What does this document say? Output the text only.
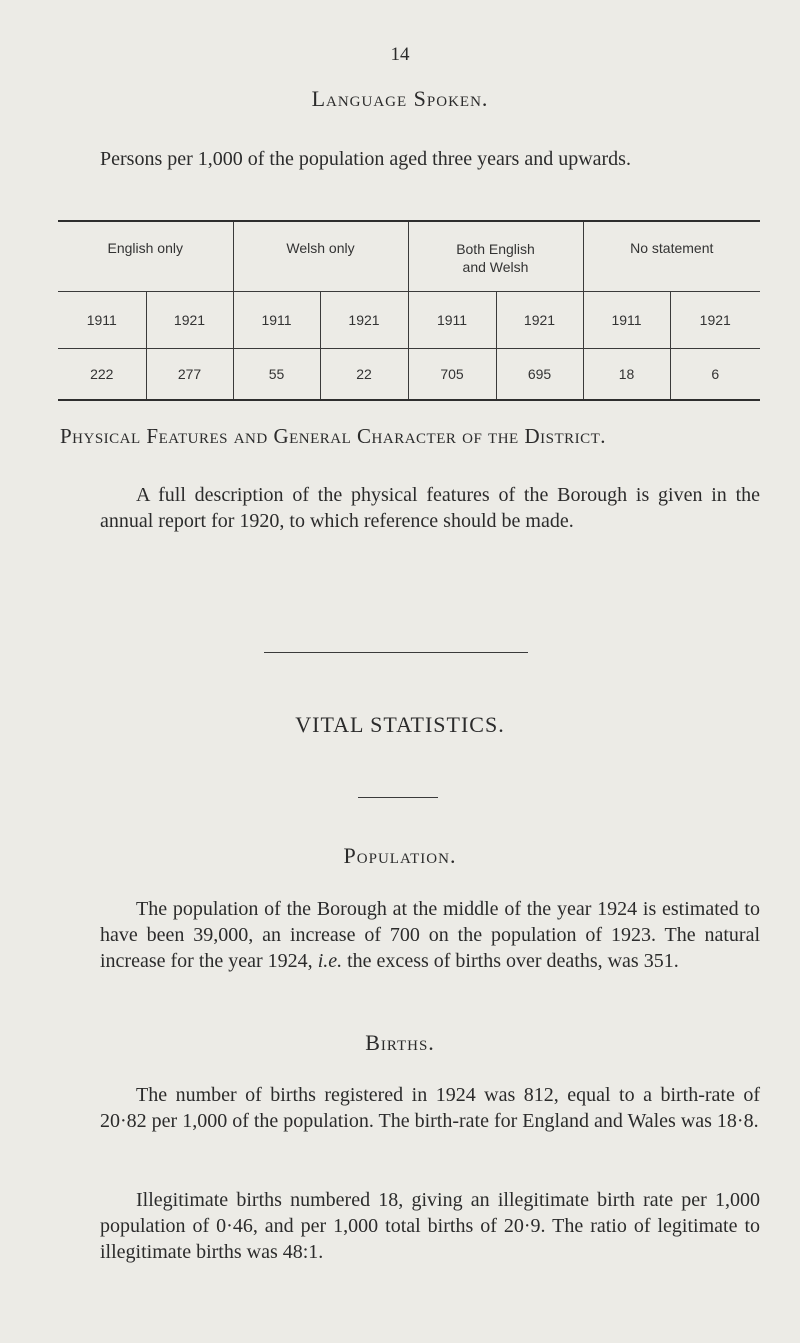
14
Language Spoken.
Persons per 1,000 of the population aged three years and upwards.
English only		Welsh only		Both English and Welsh		No statement	
1911	1921	1911	1921	1911	1921	1911	1921
222	277	55	22	705	695	18	6
Physical Features and General Character of the District.
A full description of the physical features of the Borough is given in the annual report for 1920, to which reference should be made.
VITAL STATISTICS.
Population.
The population of the Borough at the middle of the year 1924 is estimated to have been 39,000, an increase of 700 on the population of 1923. The natural increase for the year 1924, i.e. the excess of births over deaths, was 351.
Births.
The number of births registered in 1924 was 812, equal to a birth-rate of 20·82 per 1,000 of the population. The birth-rate for England and Wales was 18·8.
Illegitimate births numbered 18, giving an illegitimate birth rate per 1,000 population of 0·46, and per 1,000 total births of 20·9. The ratio of legitimate to illegitimate births was 48:1.
